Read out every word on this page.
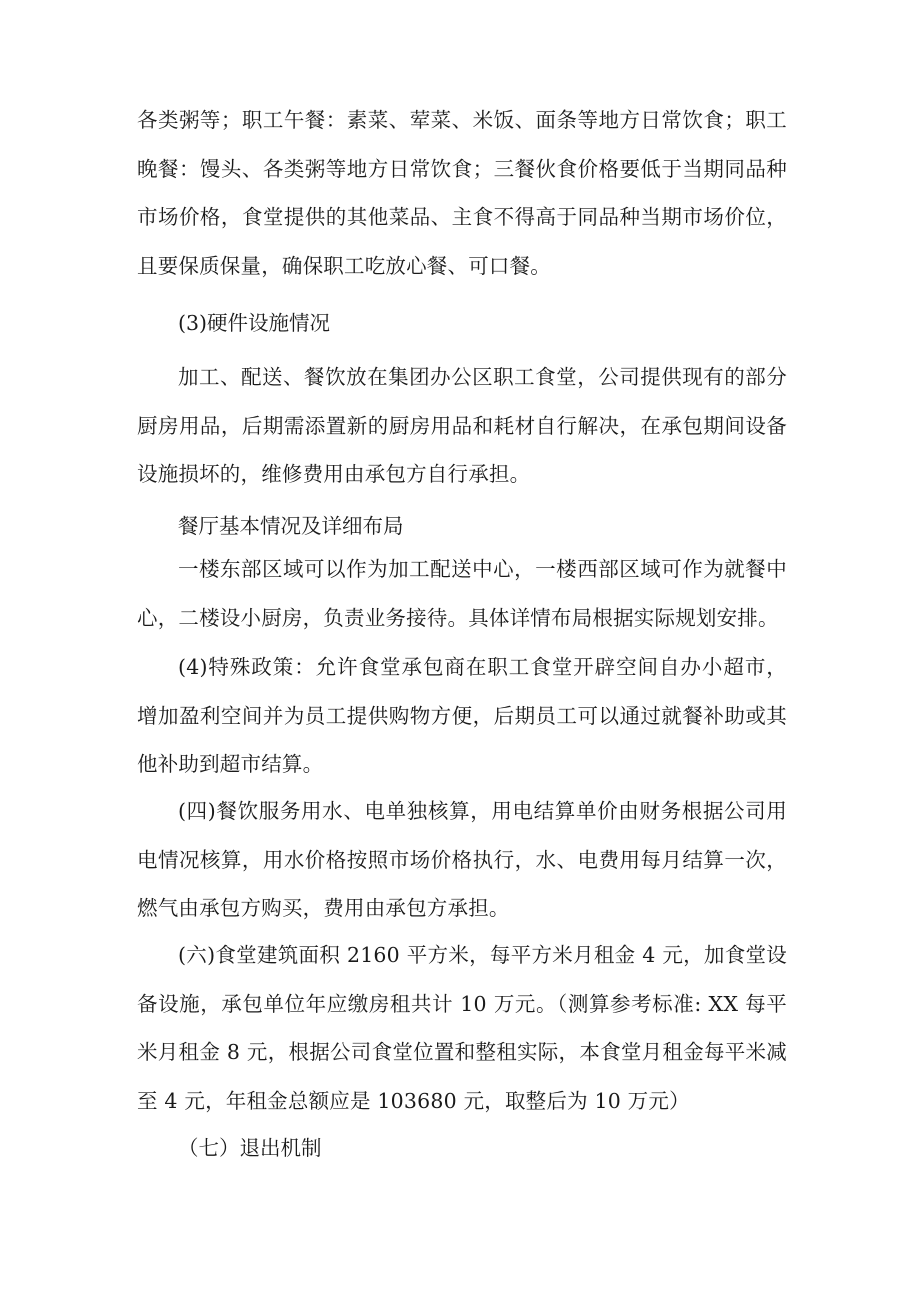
各类粥等；职工午餐：素菜、荤菜、米饭、面条等地方日常饮食；职工晚餐：馒头、各类粥等地方日常饮食；三餐伙食价格要低于当期同品种市场价格，食堂提供的其他菜品、主食不得高于同品种当期市场价位，且要保质保量，确保职工吃放心餐、可口餐。

(3)硬件设施情况

加工、配送、餐饮放在集团办公区职工食堂，公司提供现有的部分厨房用品，后期需添置新的厨房用品和耗材自行解决，在承包期间设备设施损坏的，维修费用由承包方自行承担。

餐厅基本情况及详细布局

一楼东部区域可以作为加工配送中心，一楼西部区域可作为就餐中心，二楼设小厨房，负责业务接待。具体详情布局根据实际规划安排。

(4)特殊政策：允许食堂承包商在职工食堂开辟空间自办小超市，增加盈利空间并为员工提供购物方便，后期员工可以通过就餐补助或其他补助到超市结算。

(四)餐饮服务用水、电单独核算，用电结算单价由财务根据公司用电情况核算，用水价格按照市场价格执行，水、电费用每月结算一次，燃气由承包方购买，费用由承包方承担。

(六)食堂建筑面积 2160 平方米，每平方米月租金 4 元，加食堂设备设施，承包单位年应缴房租共计 10 万元。（测算参考标准: XX 每平米月租金 8 元，根据公司食堂位置和整租实际，本食堂月租金每平米减至 4 元，年租金总额应是 103680 元，取整后为 10 万元）

（七）退出机制
